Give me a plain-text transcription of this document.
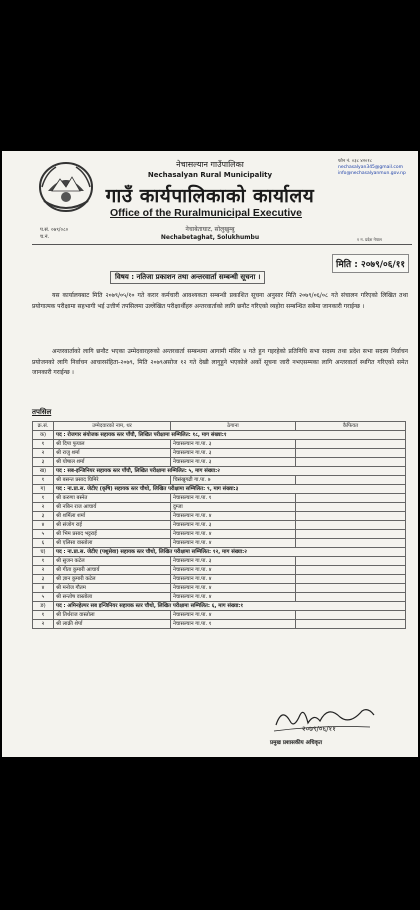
नेचासल्यान गाउँपालिका
Nechasalyan Rural Municipality
गाउँ कार्यपालिकाको कार्यालय
Office of the Ruralmunicipal Executive
नेचाबेताघाट, सोलुखुम्बु
Nechabetaghat, Solukhumbu
फोन नं. ०३८ ४२०१८
nechasalyan345@gmail.com
info@nechasalyanmun.gov.np
प.सं. ०७९/०८०
च.नं.	१ न. प्रदेश नेपाल
मिति : २०७९/०६/११
विषय : नतिजा प्रकाशन तथा अन्तरवार्ता सम्बन्धी सूचना ।

यस कार्यालयबाट मिति २०७९/०५/१० गते करार कर्मचारी आवश्यकता सम्बन्धी प्रकाशित सूचना अनुसार मिति २०७९/०६/०८ गते संचालन गरिएको लिखित तथा प्रयोगात्मक परीक्षामा सहभागी भई उत्तीर्ण तपसिलमा उल्लेखित परीक्षार्थीहरु अन्तरवार्ताको लागि छनौट गरिएको व्यहोरा सम्बन्धित सबैमा जानकारी गराईन्छ ।

अन्तरवार्ताको लागि छनौट भएका उम्मेदवारहरुको अन्तरवार्ता सम्बन्धमा आगामी मंसिर ४ गते हुन गइरहेको प्रतिनिधि सभा सदस्य तथा प्रदेश सभा सदस्य निर्वाचन प्रयोजनको लागि निर्वाचन आचारसंहिता-२०७९, मिति २०७९असोज १२ गते देखी लागुहुने भएकोले अर्को सूचना जारी नभएसम्मका लागि अन्तरवार्ता स्थगित गरिएको समेत जानकारी गराईन्छ ।

तपसिल
क्र.सं.	उम्मेदवारको नाम, थर	ठेगाना	कैफियत
क)	पद : रोजगार संयोजक सहायक स्तर पाँचौ, लिखित परीक्षामा सम्मिलित: १८, माग संख्या:१		
१	श्री दिपा फुयाल	नेचासल्यान गा.पा. ३	
२	श्री राजु शर्मा	नेचासल्यान गा.पा. ३	
३	श्री योषाल शर्मा	नेचासल्यान गा.पा. ३	
ख)	पद : सब-इन्जिनियर सहायक स्तर पाँचौ, लिखित परीक्षामा सम्मिलित: ५, माग संख्या:२		
१	श्री बसन्त प्रसाद घिमिरे	चिसंखुगढी गा.पा. ७	
ग)	पद : ना.प्रा.स. जेटीए (कृषि) सहायक स्तर चौथो, लिखित परीक्षामा सम्मिलित: ९, माग संख्या:३		
१	श्री करुणा बस्नेत	नेचासल्यान गा.पा. १	
२	श्री नबिन राज आचार्य	दुम्जा	
३	श्री शर्मिला शर्मा	नेचासल्यान गा.पा. ४	
४	श्री संजोग राई	नेचासल्यान गा.पा. ३	
५	श्री भिम प्रसाद भट्टराई	नेचासल्यान गा.पा. ४	
६	श्री एलिसा वास्तोला	नेचासल्यान गा.पा. ४	
घ)	पद : ना.प्रा.स. जेटीए (पशुसेवा) सहायक स्तर चौथो, लिखित परीक्षामा सम्मिलित: १२, माग संख्या:२		
१	श्री सुजन कटेल	नेचासल्यान गा.पा. ३	
२	श्री गीता कुमारी आचार्य	नेचासल्यान गा.पा. ४	
३	श्री ज्ञान कुमारी कटेल	नेचासल्यान गा.पा. ४	
४	श्री मनोज गौतम	नेचासल्यान गा.पा. ४	
५	श्री सन्तोष वास्तोला	नेचासल्यान गा.पा. ४	
ङ)	पद : अमिनहेल्पर सब इन्जिनियर सहायक स्तर चौथो, लिखित परीक्षामा सम्मिलित: ६, माग संख्या:१		
१	श्री तिर्थराज वास्तोला	नेचासल्यान गा.पा. ४	
२	श्री लाक्री शेर्पा	नेचासल्यान गा.पा. १	
२०७९/०६/११
प्रमुख प्रशासकीय अधिकृत
